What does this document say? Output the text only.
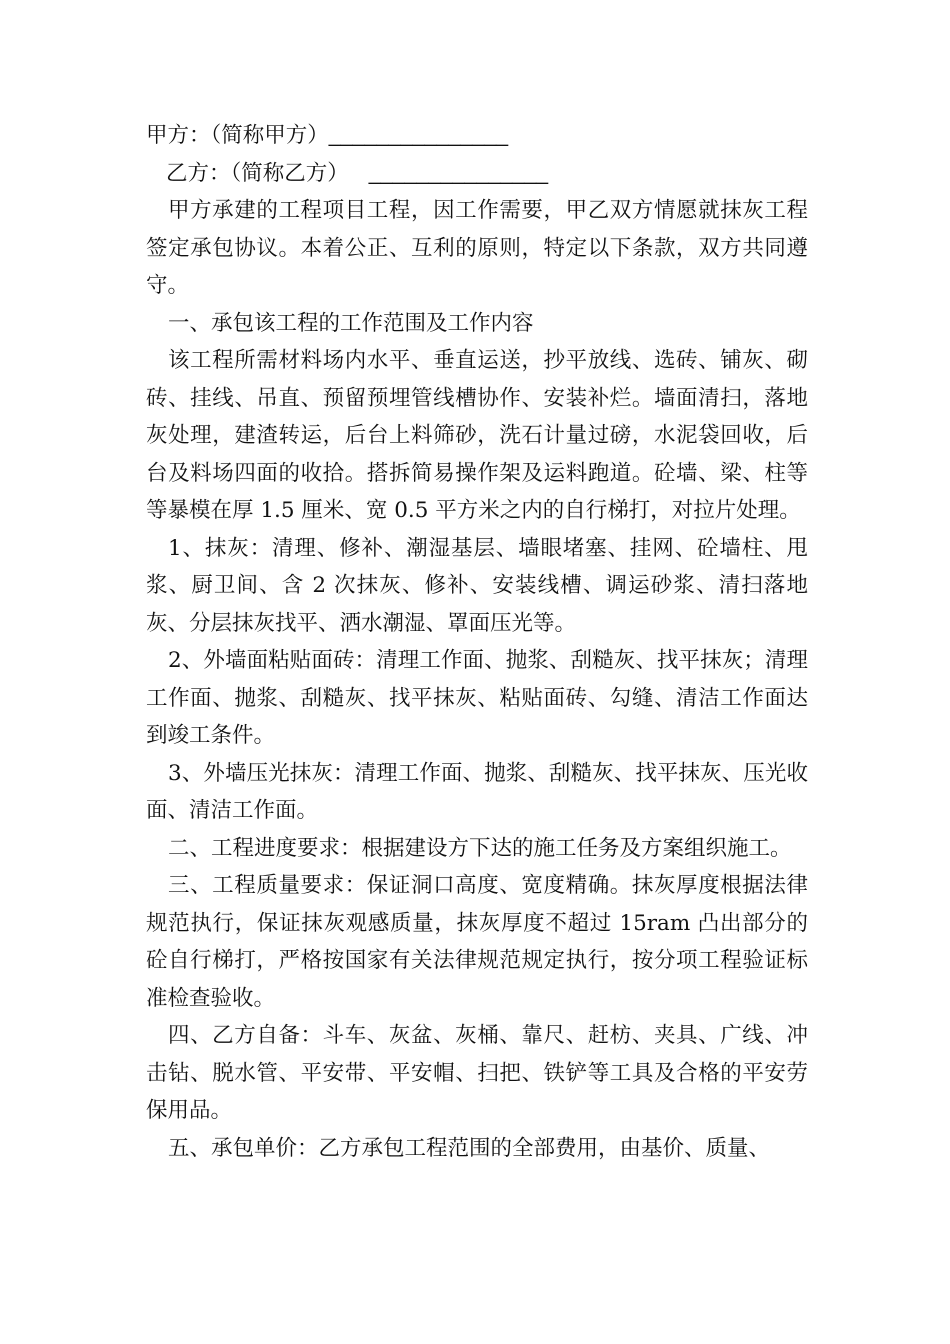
甲方：（简称甲方）_______________

乙方：（简称乙方） _______________

甲方承建的工程项目工程，因工作需要，甲乙双方情愿就抹灰工程签定承包协议。本着公正、互利的原则，特定以下条款，双方共同遵守。

一、承包该工程的工作范围及工作内容

该工程所需材料场内水平、垂直运送，抄平放线、选砖、铺灰、砌砖、挂线、吊直、预留预埋管线槽协作、安装补烂。墙面清扫，落地灰处理，建渣转运，后台上料筛砂，洗石计量过磅，水泥袋回收，后台及料场四面的收拾。搭拆简易操作架及运料跑道。砼墙、梁、柱等等暴模在厚 1.5 厘米、宽 0.5 平方米之内的自行梯打，对拉片处理。

1、抹灰：清理、修补、潮湿基层、墙眼堵塞、挂网、砼墙柱、甩浆、厨卫间、含 2 次抹灰、修补、安装线槽、调运砂浆、清扫落地灰、分层抹灰找平、洒水潮湿、罩面压光等。

2、外墙面粘贴面砖：清理工作面、抛浆、刮糙灰、找平抹灰；清理工作面、抛浆、刮糙灰、找平抹灰、粘贴面砖、勾缝、清洁工作面达到竣工条件。

3、外墙压光抹灰：清理工作面、抛浆、刮糙灰、找平抹灰、压光收面、清洁工作面。

二、工程进度要求：根据建设方下达的施工任务及方案组织施工。

三、工程质量要求：保证洞口高度、宽度精确。抹灰厚度根据法律规范执行，保证抹灰观感质量，抹灰厚度不超过 15ram 凸出部分的砼自行梯打，严格按国家有关法律规范规定执行，按分项工程验证标准检查验收。

四、乙方自备：斗车、灰盆、灰桶、靠尺、赶枋、夹具、广线、冲击钻、脱水管、平安带、平安帽、扫把、铁铲等工具及合格的平安劳保用品。

五、承包单价：乙方承包工程范围的全部费用，由基价、质量、
